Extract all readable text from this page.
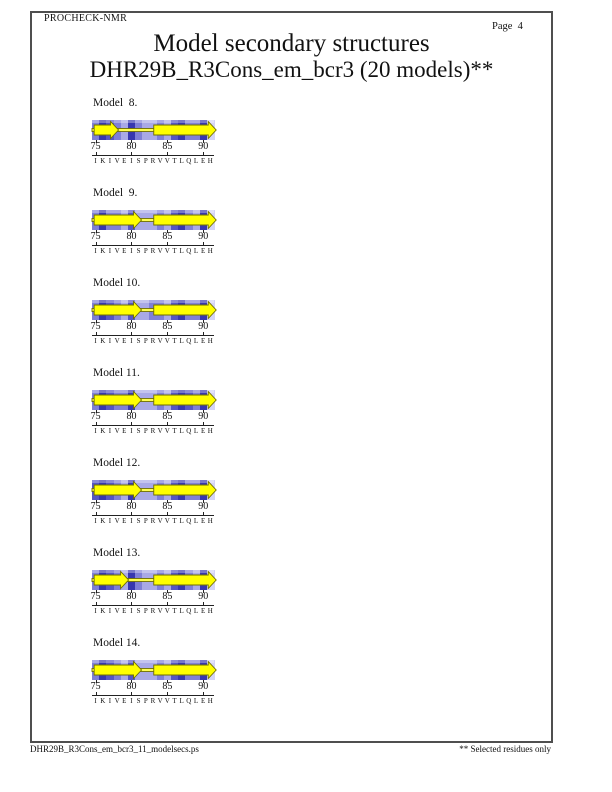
PROCHECK-NMR
Page  4
Model secondary structures
DHR29B_R3Cons_em_bcr3 (20 models)**
Model  8.
75	80	85	90
I K I V E I S P R V V T L Q L E H
Model  9.
75	80	85	90
I K I V E I S P R V V T L Q L E H
Model 10.
75	80	85	90
I K I V E I S P R V V T L Q L E H
Model 11.
75	80	85	90
I K I V E I S P R V V T L Q L E H
Model 12.
75	80	85	90
I K I V E I S P R V V T L Q L E H
Model 13.
75	80	85	90
I K I V E I S P R V V T L Q L E H
Model 14.
75	80	85	90
I K I V E I S P R V V T L Q L E H
DHR29B_R3Cons_em_bcr3_11_modelsecs.ps	** Selected residues only
